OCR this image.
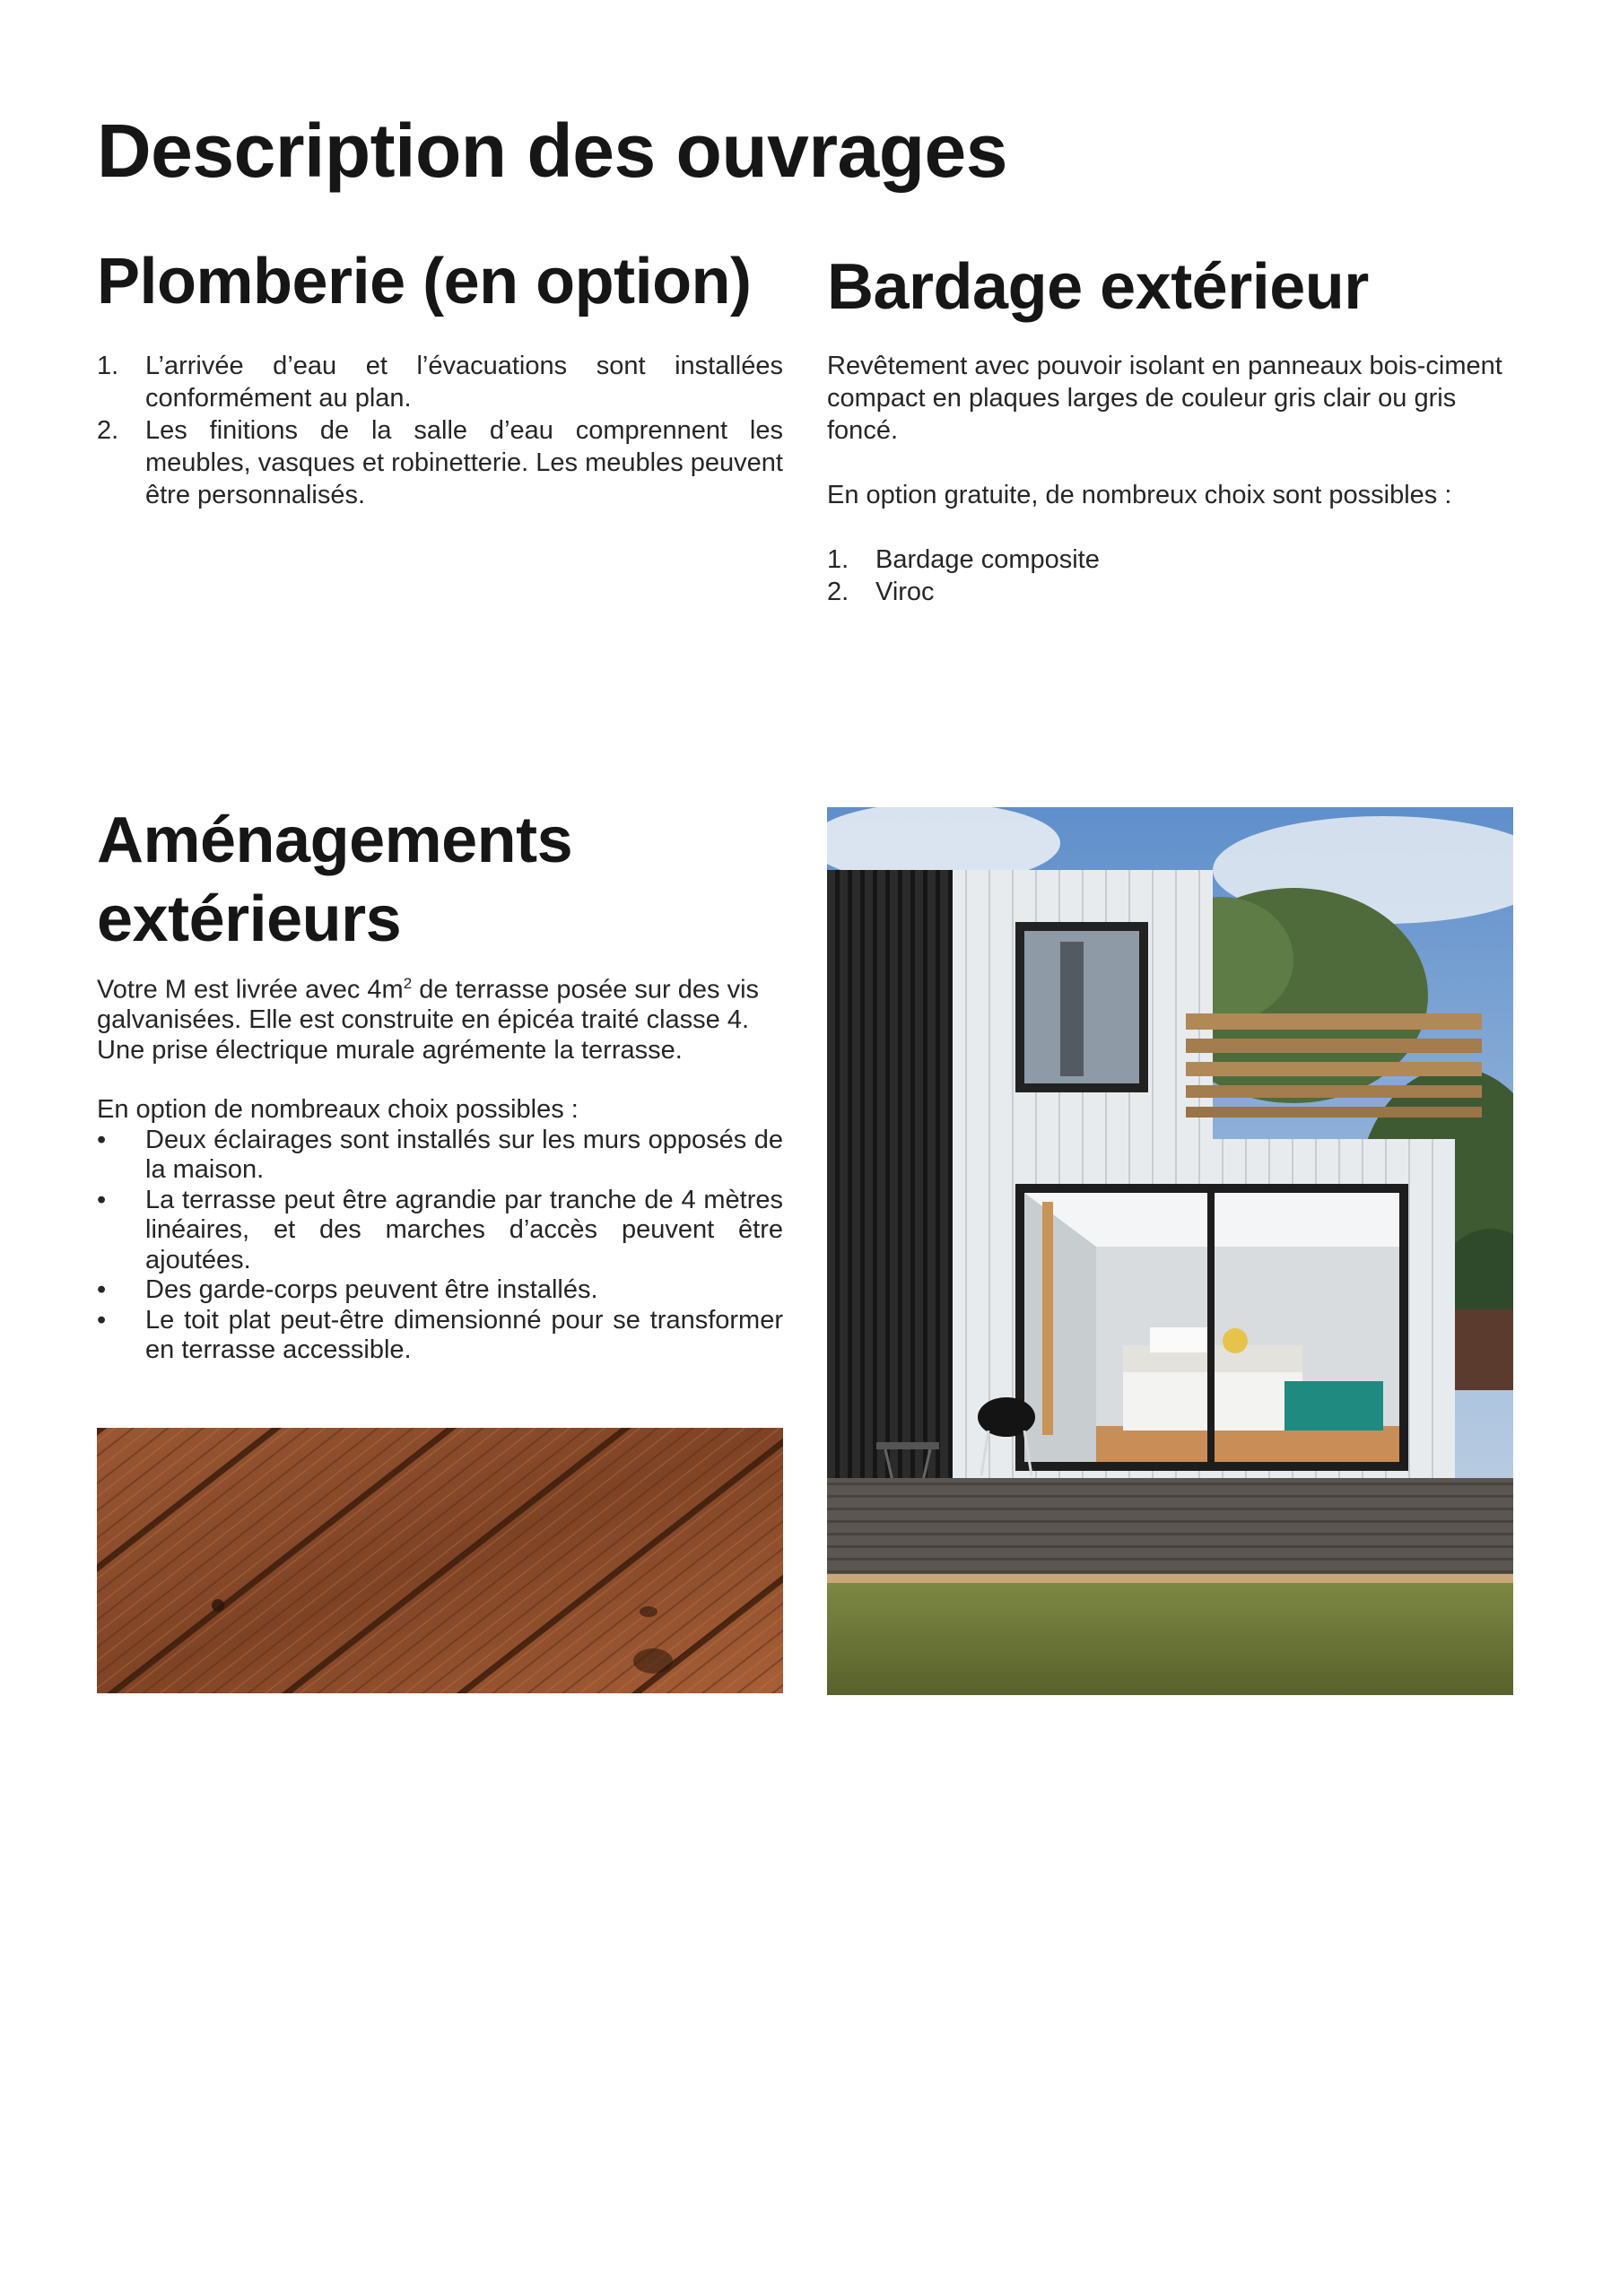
Description des ouvrages
Plomberie (en option)
1. L’arrivée d’eau et l’évacuations sont installées conformément au plan.
2. Les finitions de la salle d’eau comprennent les meubles, vasques et robinetterie. Les meubles peuvent être personnalisés.
Bardage extérieur

Revêtement avec pouvoir isolant en panneaux bois-ciment compact en plaques larges de couleur gris clair ou gris foncé.

En option gratuite, de nombreux choix sont possibles :

1. Bardage composite
2. Viroc
Aménagements
extérieurs

Votre M est livrée avec $4m^2$ de terrasse posée sur des vis galvanisées. Elle est construite en épicéa traité classe 4. Une prise électrique murale agrémente la terrasse.

En option de nombreaux choix possibles :

• Deux éclairages sont installés sur les murs opposés de la maison.
• La terrasse peut être agrandie par tranche de 4 mètres linéaires, et des marches d’accès peuvent être ajoutées.
• Des garde-corps peuvent être installés.
• Le toit plat peut-être dimensionné pour se transformer en terrasse accessible.
